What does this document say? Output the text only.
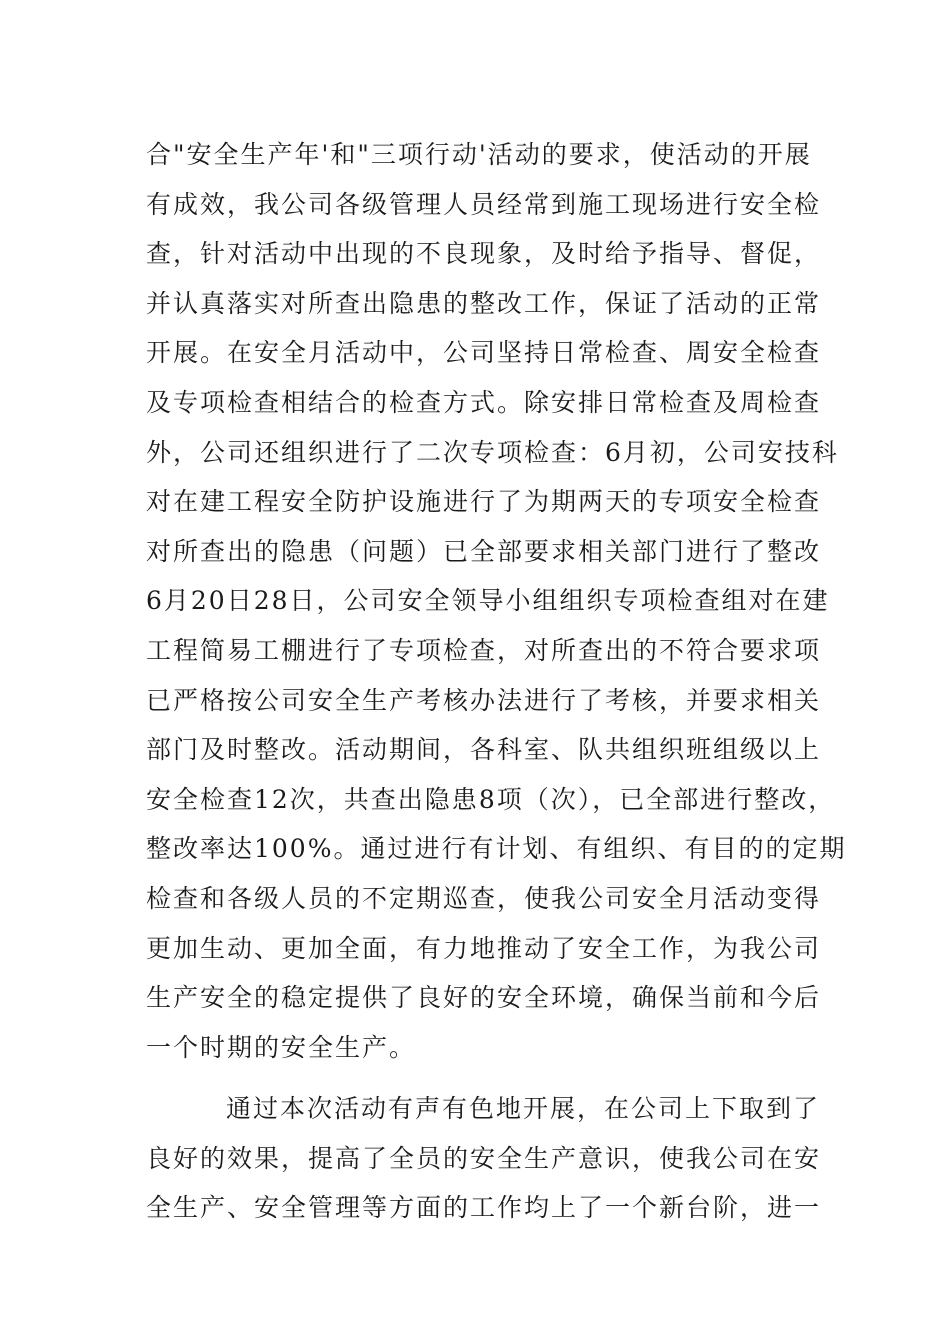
合"安全生产年'和"三项行动'活动的要求，使活动的开展
有成效，我公司各级管理人员经常到施工现场进行安全检
查，针对活动中出现的不良现象，及时给予指导、督促，
并认真落实对所查出隐患的整改工作，保证了活动的正常
开展。在安全月活动中，公司坚持日常检查、周安全检查
及专项检查相结合的检查方式。除安排日常检查及周检查
外，公司还组织进行了二次专项检查：6月初，公司安技科
对在建工程安全防护设施进行了为期两天的专项安全检查
对所查出的隐患（问题）已全部要求相关部门进行了整改
6月20日28日，公司安全领导小组组织专项检查组对在建
工程简易工棚进行了专项检查，对所查出的不符合要求项
已严格按公司安全生产考核办法进行了考核，并要求相关
部门及时整改。活动期间，各科室、队共组织班组级以上
安全检查12次，共查出隐患8项（次），已全部进行整改，
整改率达100%。通过进行有计划、有组织、有目的的定期
检查和各级人员的不定期巡查，使我公司安全月活动变得
更加生动、更加全面，有力地推动了安全工作，为我公司
生产安全的稳定提供了良好的安全环境，确保当前和今后
一个时期的安全生产。
通过本次活动有声有色地开展，在公司上下取到了
良好的效果，提高了全员的安全生产意识，使我公司在安
全生产、安全管理等方面的工作均上了一个新台阶，进一
